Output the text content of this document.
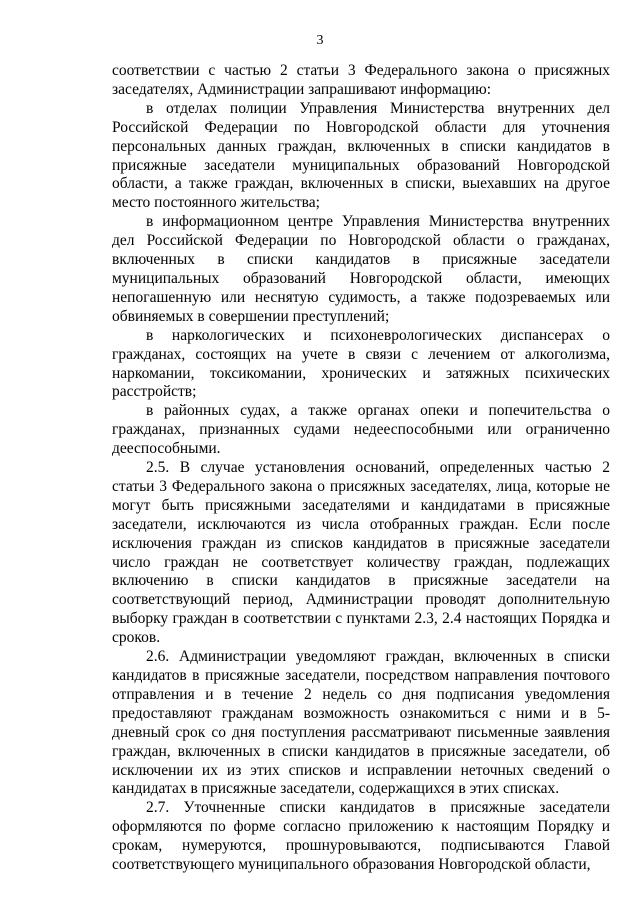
3

соответствии с частью 2 статьи 3 Федерального закона о присяжных заседателях, Администрации запрашивают информацию:

в отделах полиции Управления Министерства внутренних дел Российской Федерации по Новгородской области для уточнения персональных данных граждан, включенных в списки кандидатов в присяжные заседатели муниципальных образований Новгородской области, а также граждан, включенных в списки, выехавших на другое место постоянного жительства;

в информационном центре Управления Министерства внутренних дел Российской Федерации по Новгородской области о гражданах, включенных в списки кандидатов в присяжные заседатели муниципальных образований Новгородской области, имеющих непогашенную или неснятую судимость, а также подозреваемых или обвиняемых в совершении преступлений;

в наркологических и психоневрологических диспансерах о гражданах, состоящих на учете в связи с лечением от алкоголизма, наркомании, токсикомании, хронических и затяжных психических расстройств;

в районных судах, а также органах опеки и попечительства о гражданах, признанных судами недееспособными или ограниченно дееспособными.

2.5. В случае установления оснований, определенных частью 2 статьи 3 Федерального закона о присяжных заседателях, лица, которые не могут быть присяжными заседателями и кандидатами в присяжные заседатели, исключаются из числа отобранных граждан. Если после исключения граждан из списков кандидатов в присяжные заседатели число граждан не соответствует количеству граждан, подлежащих включению в списки кандидатов в присяжные заседатели на соответствующий период, Администрации проводят дополнительную выборку граждан в соответствии с пунктами 2.3, 2.4 настоящих Порядка и сроков.

2.6. Администрации уведомляют граждан, включенных в списки кандидатов в присяжные заседатели, посредством направления почтового отправления и в течение 2 недель со дня подписания уведомления предоставляют гражданам возможность ознакомиться с ними и в 5-дневный срок со дня поступления рассматривают письменные заявления граждан, включенных в списки кандидатов в присяжные заседатели, об исключении их из этих списков и исправлении неточных сведений о кандидатах в присяжные заседатели, содержащихся в этих списках.

2.7. Уточненные списки кандидатов в присяжные заседатели оформляются по форме согласно приложению к настоящим Порядку и срокам, нумеруются, прошнуровываются, подписываются Главой соответствующего муниципального образования Новгородской области,
